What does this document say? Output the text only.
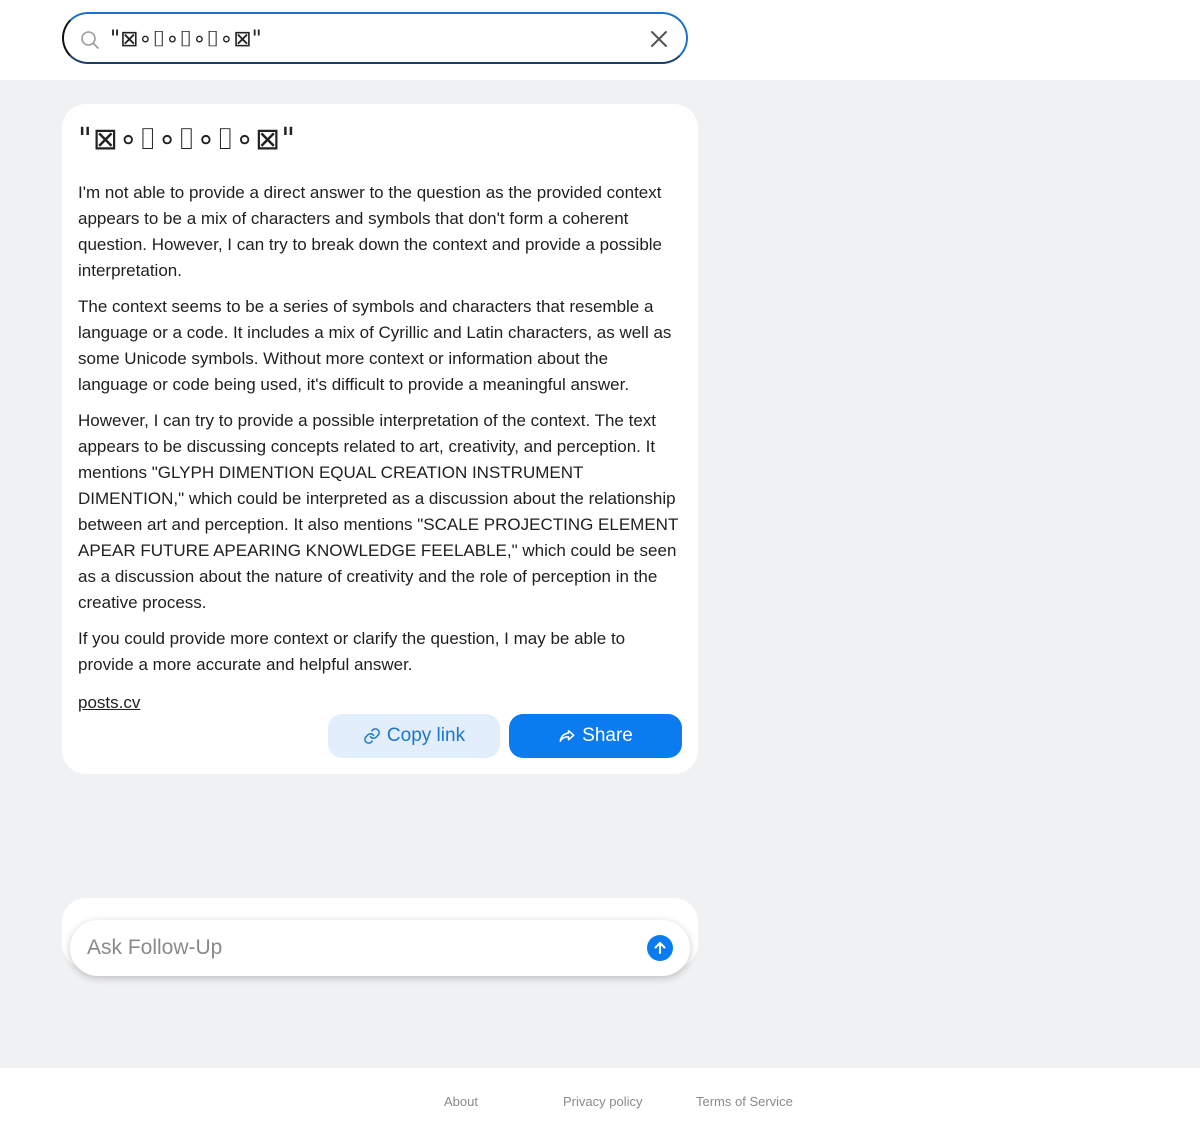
"⊠∘⌷∘⌷∘⌷∘⊠"
"⊠∘⌷∘⌷∘⌷∘⊠"

I'm not able to provide a direct answer to the question as the provided context appears to be a mix of characters and symbols that don't form a coherent question. However, I can try to break down the context and provide a possible interpretation.

The context seems to be a series of symbols and characters that resemble a language or a code. It includes a mix of Cyrillic and Latin characters, as well as some Unicode symbols. Without more context or information about the language or code being used, it's difficult to provide a meaningful answer.

However, I can try to provide a possible interpretation of the context. The text appears to be discussing concepts related to art, creativity, and perception. It mentions "GLYPH DIMENTION EQUAL CREATION INSTRUMENT DIMENTION," which could be interpreted as a discussion about the relationship between art and perception. It also mentions "SCALE PROJECTING ELEMENT APEAR FUTURE APEARING KNOWLEDGE FEELABLE," which could be seen as a discussion about the nature of creativity and the role of perception in the creative process.

If you could provide more context or clarify the question, I may be able to provide a more accurate and helpful answer.

posts.cv
Copy link	Share
Ask Follow-Up
About	Privacy policy	Terms of Service
